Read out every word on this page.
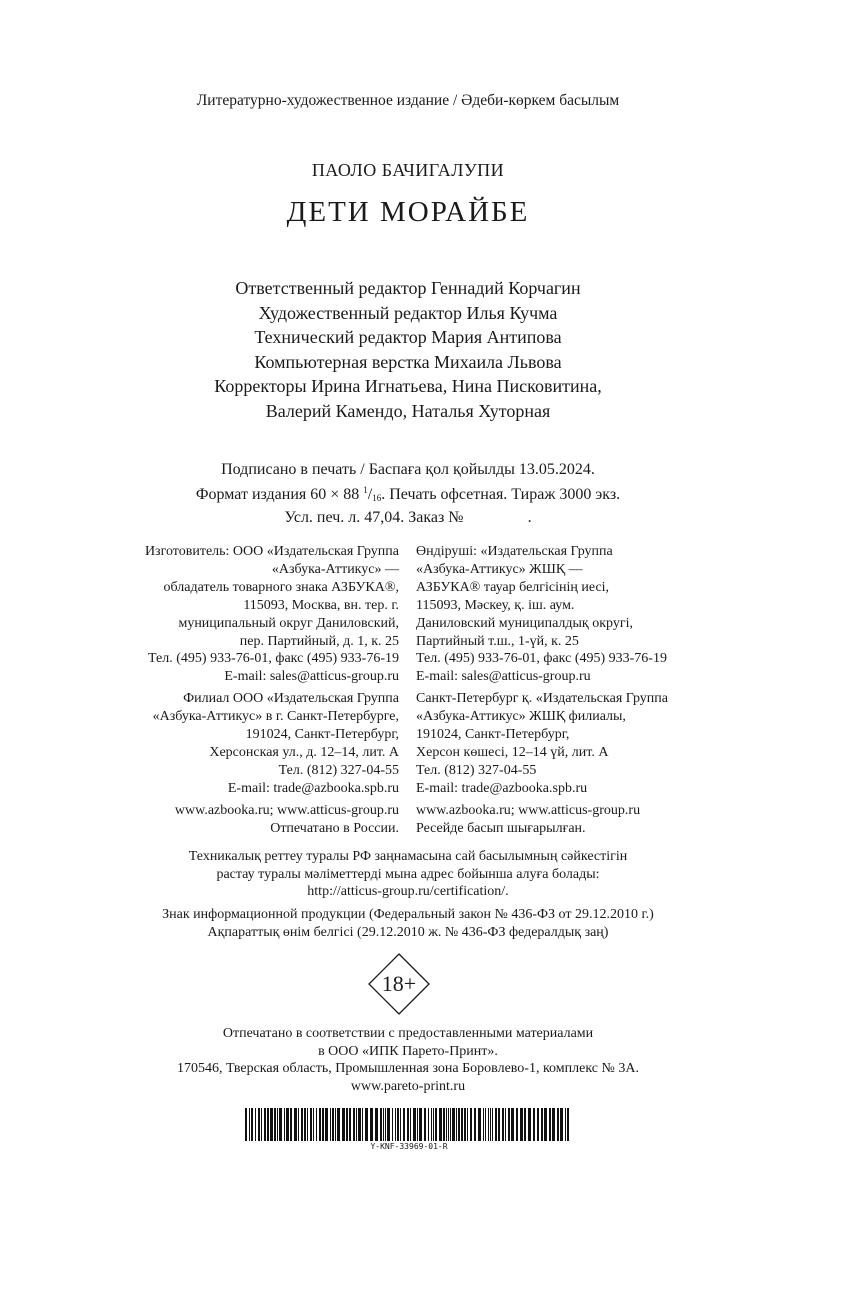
Литературно-художественное издание / Әдеби-көркем басылым
ПАОЛО БАЧИГАЛУПИ
ДЕТИ МОРАЙБЕ
Ответственный редактор Геннадий Корчагин
Художественный редактор Илья Кучма
Технический редактор Мария Антипова
Компьютерная верстка Михаила Львова
Корректоры Ирина Игнатьева, Нина Писковитина,
Валерий Камендо, Наталья Хуторная
Подписано в печать / Баспаға қол қойылды 13.05.2024.
Формат издания 60 × 88 $^1/_{16}$. Печать офсетная. Тираж 3000 экз.
Усл. печ. л. 47,04. Заказ №                .
Изготовитель: ООО «Издательская Группа
«Азбука-Аттикус» —
обладатель товарного знака АЗБУКА®,
115093, Москва, вн. тер. г.
муниципальный округ Даниловский,
пер. Партийный, д. 1, к. 25
Тел. (495) 933-76-01, факс (495) 933-76-19
E-mail: sales@atticus-group.ru
Филиал ООО «Издательская Группа
«Азбука-Аттикус» в г. Санкт-Петербурге,
191024, Санкт-Петербург,
Херсонская ул., д. 12–14, лит. А
Тел. (812) 327-04-55
E-mail: trade@azbooka.spb.ru
www.azbooka.ru; www.atticus-group.ru
Отпечатано в России.
Өндіруші: «Издательская Группа
«Азбука-Аттикус» ЖШҚ —
АЗБУКА® тауар белгісінің иесі,
115093, Мәскеу, қ. іш. аум.
Даниловский муниципалдық округі,
Партийный т.ш., 1-үй, к. 25
Тел. (495) 933-76-01, факс (495) 933-76-19
E-mail: sales@atticus-group.ru
Санкт-Петербург қ. «Издательская Группа
«Азбука-Аттикус» ЖШҚ филиалы,
191024, Санкт-Петербург,
Херсон көшесі, 12–14 үй, лит. А
Тел. (812) 327-04-55
E-mail: trade@azbooka.spb.ru
www.azbooka.ru; www.atticus-group.ru
Ресейде басып шығарылған.
Техникалық реттеу туралы РФ заңнамасына сай басылымның сәйкестігін
растау туралы мәліметтерді мына адрес бойынша алуға болады:
http://atticus-group.ru/certification/.
Знак информационной продукции (Федеральный закон № 436-ФЗ от 29.12.2010 г.)
Ақпараттық өнім белгісі (29.12.2010 ж. № 436-ФЗ федералдық заң)
18+
Отпечатано в соответствии с предоставленными материалами
в ООО «ИПК Парето-Принт».
170546, Тверская область, Промышленная зона Боровлево-1, комплекс № 3А.
www.pareto-print.ru
Y-KNF-33969-01-R
